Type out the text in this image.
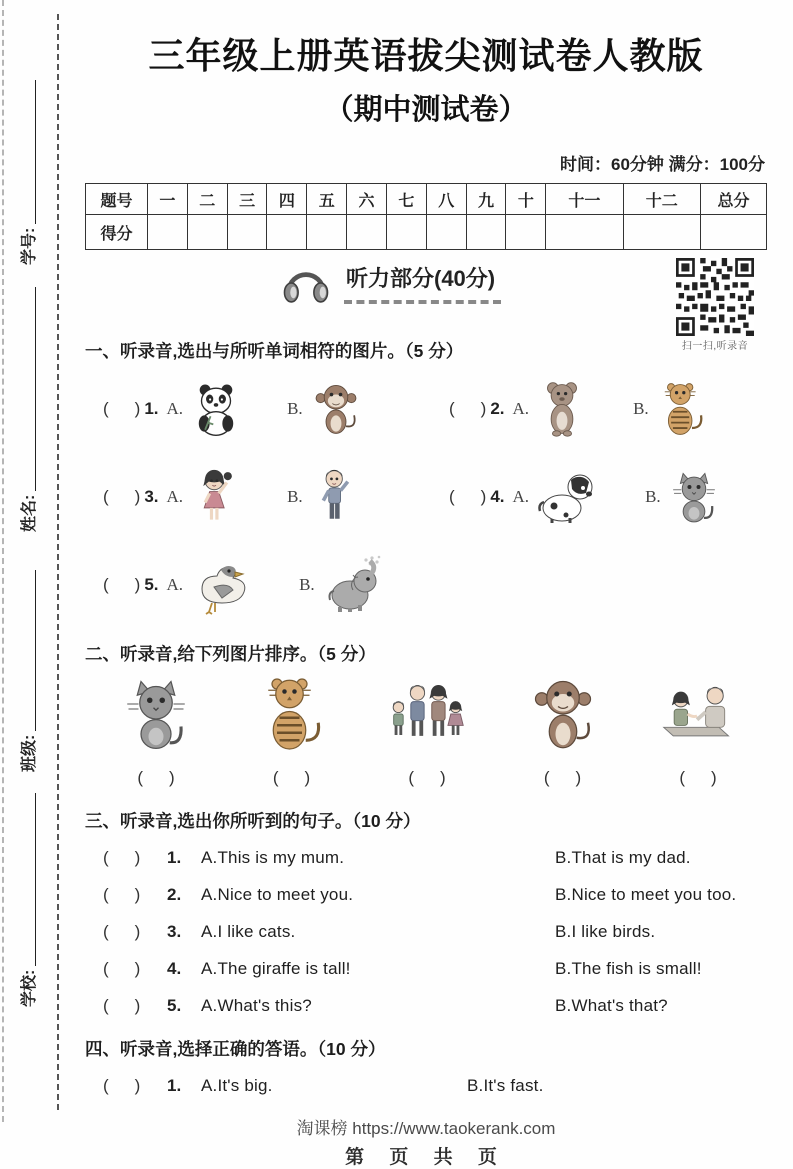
学号:
姓名:
班级:
学校:
三年级上册英语拔尖测试卷人教版
（期中测试卷）
时间：60分钟 满分：100分
题号	一	二	三	四	五	六	七	八	九	十	十一	十二	总分
得分													
听力部分(40分)
扫一扫,听录音
一、听录音,选出与所听单词相符的图片。（5 分）
( ) 1. A.	B.	( ) 2. A.	B.
( ) 3. A.	B.	( ) 4. A.	B.
( ) 5. A.	B.
二、听录音,给下列图片排序。（5 分）
( )	( )	( )	( )	( )
三、听录音,选出你所听到的句子。（10 分）
( ) 1.	A.This is my mum.	B.That is my dad.
( ) 2.	A.Nice to meet you.	B.Nice to meet you too.
( ) 3.	A.I like cats.	B.I like birds.
( ) 4.	A.The giraffe is tall!	B.The fish is small!
( ) 5.	A.What's this?	B.What's that?
四、听录音,选择正确的答语。（10 分）
( ) 1.	A.It's big.	B.It's fast.
淘课榜 https://www.taokerank.com
第 页 共 页
